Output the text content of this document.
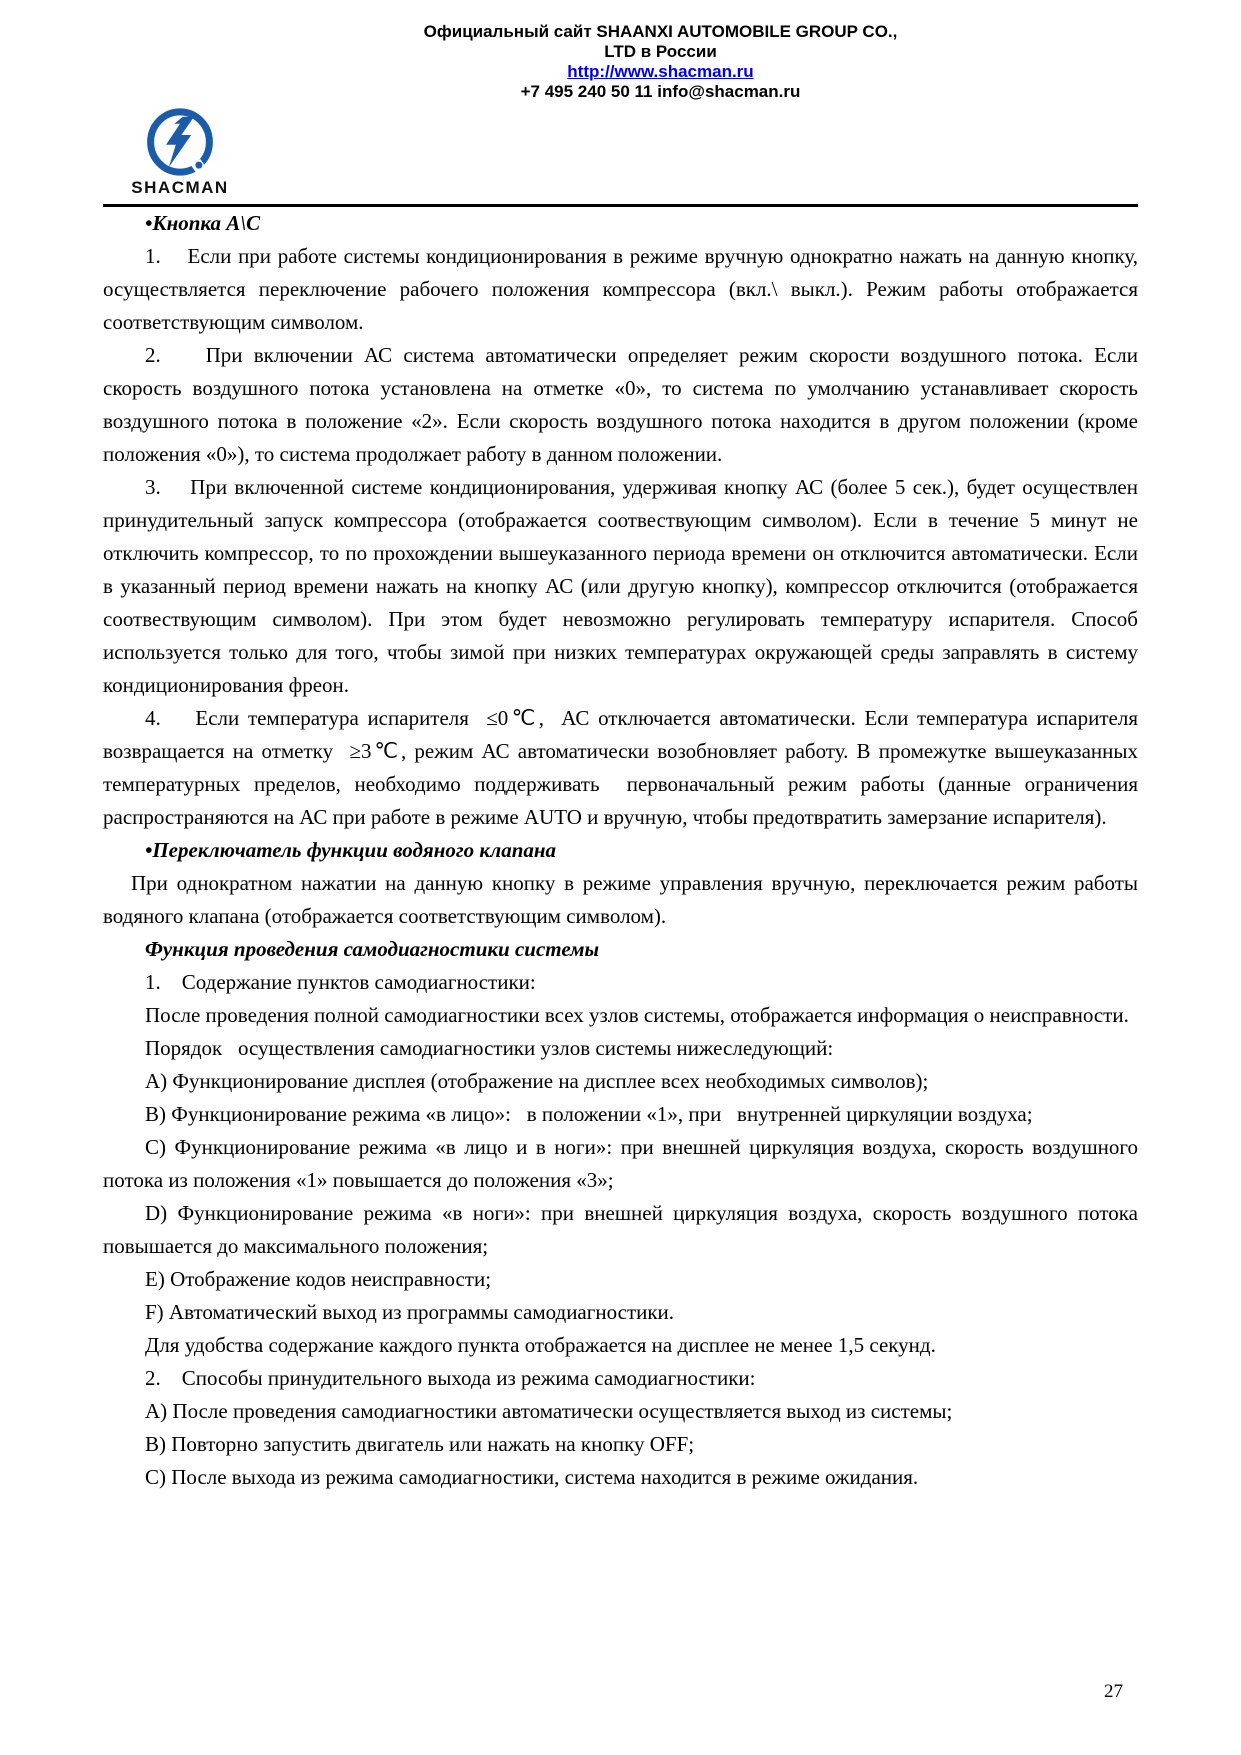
SHACMAN
Официальный сайт SHAANXI AUTOMOBILE GROUP CO.,
LTD в России
http://www.shacman.ru
+7 495 240 50 11 info@shacman.ru

•Кнопка A\C

1.    Если при работе системы кондиционирования в режиме вручную однократно нажать на данную кнопку, осуществляется переключение рабочего положения компрессора (вкл.\ выкл.). Режим работы отображается соответствующим символом.

2.    При включении АС система автоматически определяет режим скорости воздушного потока. Если скорость воздушного потока установлена на отметке «0», то система по умолчанию устанавливает скорость воздушного потока в положение «2». Если скорость воздушного потока находится в другом положении (кроме положения «0»), то система продолжает работу в данном положении.

3.    При включенной системе кондиционирования, удерживая кнопку АС (более 5 сек.), будет осуществлен принудительный запуск компрессора (отображается соотвествующим символом). Если в течение 5 минут не отключить компрессор, то по прохождении вышеуказанного периода времени он отключится автоматически. Если в указанный период времени нажать на кнопку АС (или другую кнопку), компрессор отключится (отображается соотвествующим символом). При этом будет невозможно регулировать температуру испарителя. Способ используется только для того, чтобы зимой при низких температурах окружающей среды заправлять в систему кондиционирования фреон.

4.    Если температура испарителя  ≤0℃,  АС отключается автоматически. Если температура испарителя возвращается на отметку  ≥3℃, режим АС автоматически возобновляет работу. В промежутке вышеуказанных температурных пределов, необходимо поддерживать  первоначальный режим работы (данные ограничения распространяются на АС при работе в режиме AUTO и вручную, чтобы предотвратить замерзание испарителя).

•Переключатель функции водяного клапана

При однократном нажатии на данную кнопку в режиме управления вручную, переключается режим работы водяного клапана (отображается соответствующим символом).

Функция проведения самодиагностики системы

1.    Содержание пунктов самодиагностики:

После проведения полной самодиагностики всех узлов системы, отображается информация о неисправности.

Порядок   осуществления самодиагностики узлов системы нижеследующий:

A) Функционирование дисплея (отображение на дисплее всех необходимых символов);

B) Функционирование режима «в лицо»:   в положении «1», при   внутренней циркуляции воздуха;

C) Функционирование режима «в лицо и в ноги»: при внешней циркуляция воздуха, скорость воздушного потока из положения «1» повышается до положения «3»;

D) Функционирование режима «в ноги»: при внешней циркуляция воздуха, скорость воздушного потока повышается до максимального положения;

E) Отображение кодов неисправности;

F) Автоматический выход из программы самодиагностики.

Для удобства содержание каждого пункта отображается на дисплее не менее 1,5 секунд.

2.    Способы принудительного выхода из режима самодиагностики:

A) После проведения самодиагностики автоматически осуществляется выход из системы;

B) Повторно запустить двигатель или нажать на кнопку OFF;

C) После выхода из режима самодиагностики, система находится в режиме ожидания.

27
